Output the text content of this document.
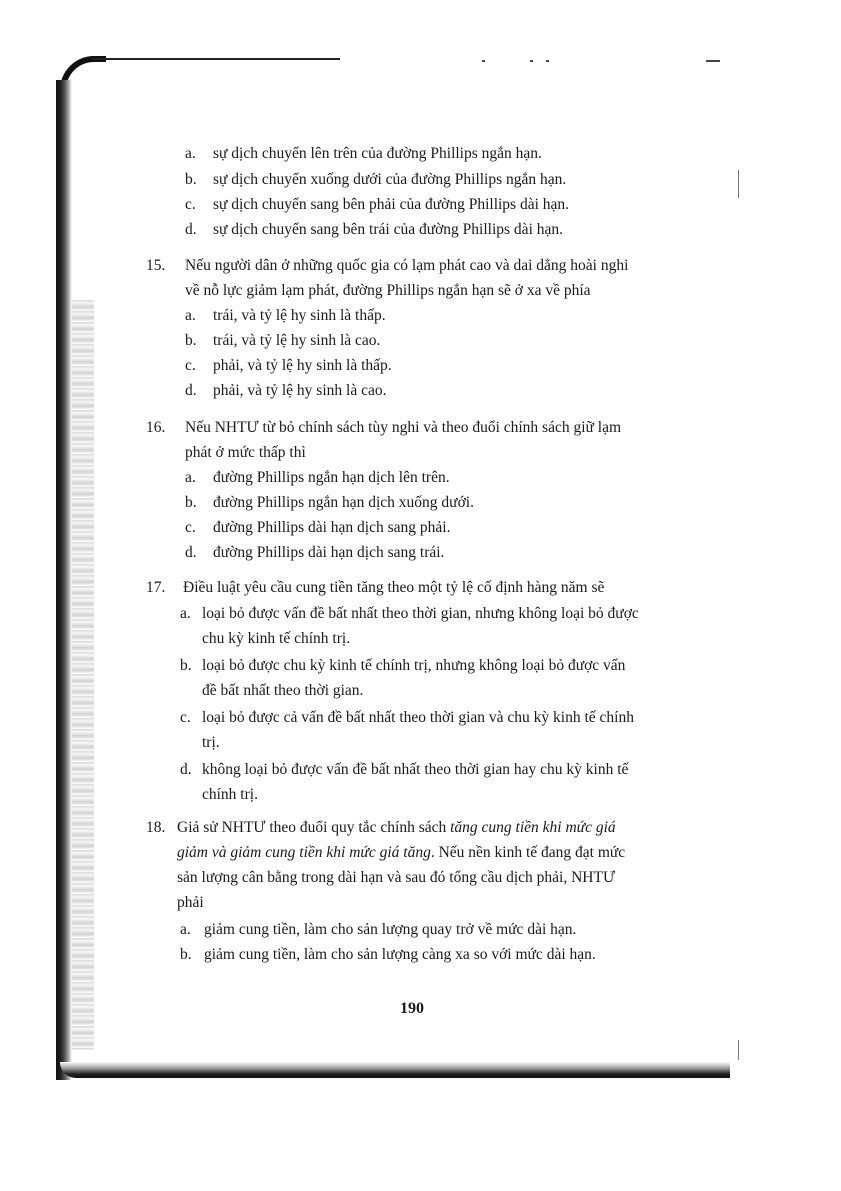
a. sự dịch chuyển lên trên của đường Phillips ngắn hạn.
b. sự dịch chuyển xuống dưới của đường Phillips ngắn hạn.
c. sự dịch chuyển sang bên phải của đường Phillips dài hạn.
d. sự dịch chuyển sang bên trái của đường Phillips dài hạn.
15. Nếu người dân ở những quốc gia có lạm phát cao và dai dẳng hoài nghi
về nỗ lực giảm lạm phát, đường Phillips ngắn hạn sẽ ở xa về phía
a. trái, và tỷ lệ hy sinh là thấp.
b. trái, và tỷ lệ hy sinh là cao.
c. phải, và tỷ lệ hy sinh là thấp.
d. phải, và tỷ lệ hy sinh là cao.
16. Nếu NHTƯ từ bỏ chính sách tùy nghi và theo đuổi chính sách giữ lạm
phát ở mức thấp thì
a. đường Phillips ngắn hạn dịch lên trên.
b. đường Phillips ngắn hạn dịch xuống dưới.
c. đường Phillips dài hạn dịch sang phải.
d. đường Phillips dài hạn dịch sang trái.
17. Điều luật yêu cầu cung tiền tăng theo một tỷ lệ cố định hàng năm sẽ
a. loại bỏ được vấn đề bất nhất theo thời gian, nhưng không loại bỏ được
chu kỳ kinh tế chính trị.
b. loại bỏ được chu kỳ kinh tế chính trị, nhưng không loại bỏ được vấn
đề bất nhất theo thời gian.
c. loại bỏ được cả vấn đề bất nhất theo thời gian và chu kỳ kinh tế chính
trị.
d. không loại bỏ được vấn đề bất nhất theo thời gian hay chu kỳ kinh tế
chính trị.
18. Giả sử NHTƯ theo đuổi quy tắc chính sách tăng cung tiền khi mức giá
giảm và giảm cung tiền khi mức giá tăng. Nếu nền kinh tế đang đạt mức
sản lượng cân bằng trong dài hạn và sau đó tổng cầu dịch phải, NHTƯ
phải
a. giảm cung tiền, làm cho sản lượng quay trở về mức dài hạn.
b. giảm cung tiền, làm cho sản lượng càng xa so với mức dài hạn.
190
